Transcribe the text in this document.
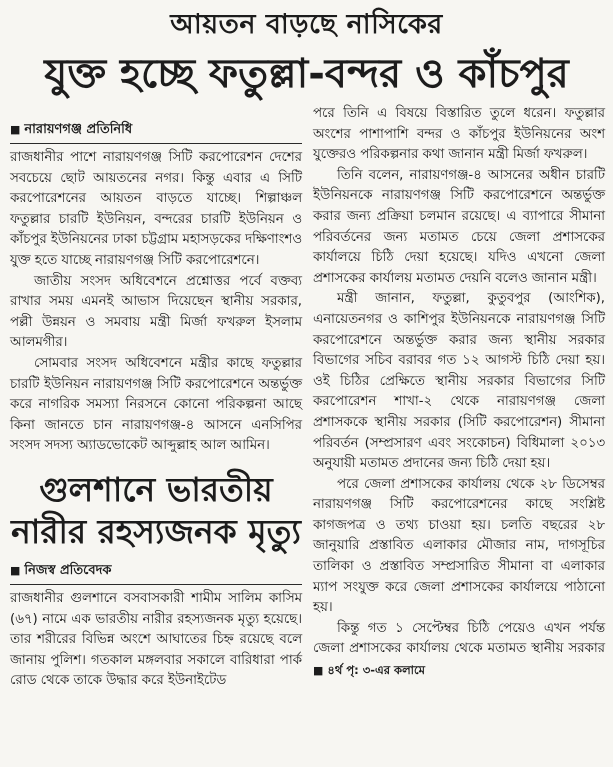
আয়তন বাড়ছে নাসিকের
যুক্ত হচ্ছে ফতুল্লা-বন্দর ও কাঁচপুর
■ নারায়ণগঞ্জ প্রতিনিধি

রাজধানীর পাশে নারায়ণগঞ্জ সিটি করপোরেশন দেশের সবচেয়ে ছোট আয়তনের নগর। কিন্তু এবার এ সিটি করপোরেশনের আয়তন বাড়তে যাচ্ছে। শিল্পাঞ্চল ফতুল্লার চারটি ইউনিয়ন, বন্দরের চারটি ইউনিয়ন ও কাঁচপুর ইউনিয়নের ঢাকা চট্টগ্রাম মহাসড়কের দক্ষিণাংশও যুক্ত হতে যাচ্ছে নারায়ণগঞ্জ সিটি করপোরেশনে।

জাতীয় সংসদ অধিবেশনে প্রশ্নোত্তর পর্বে বক্তব্য রাখার সময় এমনই আভাস দিয়েছেন স্থানীয় সরকার, পল্লী উন্নয়ন ও সমবায় মন্ত্রী মির্জা ফখরুল ইসলাম আলমগীর।

সোমবার সংসদ অধিবেশনে মন্ত্রীর কাছে ফতুল্লার চারটি ইউনিয়ন নারায়ণগঞ্জ সিটি করপোরেশনে অন্তর্ভুক্ত করে নাগরিক সমস্যা নিরসনে কোনো পরিকল্পনা আছে কিনা জানতে চান নারায়ণগঞ্জ-৪ আসনে এনসিপির সংসদ সদস্য অ্যাডভোকেট আব্দুল্লাহ আল আমিন।

গুলশানে ভারতীয় নারীর রহস্যজনক মৃত্যু
■ নিজস্ব প্রতিবেদক

রাজধানীর গুলশানে বসবাসকারী শামীম সালিম কাসিম (৬৭) নামে এক ভারতীয় নারীর রহস্যজনক মৃত্যু হয়েছে। তার শরীরের বিভিন্ন অংশে আঘাতের চিহ্ন রয়েছে বলে জানায় পুলিশ। গতকাল মঙ্গলবার সকালে বারিধারা পার্ক রোড থেকে তাকে উদ্ধার করে ইউনাইটেড

পরে তিনি এ বিষয়ে বিস্তারিত তুলে ধরেন। ফতুল্লার অংশের পাশাপাশি বন্দর ও কাঁচপুর ইউনিয়নের অংশ যুক্তেরও পরিকল্পনার কথা জানান মন্ত্রী মির্জা ফখরুল।

তিনি বলেন, নারায়ণগঞ্জ-৪ আসনের অধীন চারটি ইউনিয়নকে নারায়ণগঞ্জ সিটি করপোরেশনে অন্তর্ভুক্ত করার জন্য প্রক্রিয়া চলমান রয়েছে। এ ব্যাপারে সীমানা পরিবর্তনের জন্য মতামত চেয়ে জেলা প্রশাসকের কার্যালয়ে চিঠি দেয়া হয়েছে। যদিও এখনো জেলা প্রশাসকের কার্যালয় মতামত দেয়নি বলেও জানান মন্ত্রী।

মন্ত্রী জানান, ফতুল্লা, কুতুবপুর (আংশিক), এনায়েতনগর ও কাশিপুর ইউনিয়নকে নারায়ণগঞ্জ সিটি করপোরেশনে অন্তর্ভুক্ত করার জন্য স্থানীয় সরকার বিভাগের সচিব বরাবর গত ১২ আগস্ট চিঠি দেয়া হয়। ওই চিঠির প্রেক্ষিতে স্থানীয় সরকার বিভাগের সিটি করপোরেশন শাখা-২ থেকে নারায়ণগঞ্জ জেলা প্রশাসককে স্থানীয় সরকার (সিটি করপোরেশন) সীমানা পরিবর্তন (সম্প্রসারণ এবং সংকোচন) বিধিমালা ২০১৩ অনুযায়ী মতামত প্রদানের জন্য চিঠি দেয়া হয়।

পরে জেলা প্রশাসকের কার্যালয় থেকে ২৮ ডিসেম্বর নারায়ণগঞ্জ সিটি করপোরেশনের কাছে সংশ্লিষ্ট কাগজপত্র ও তথ্য চাওয়া হয়। চলতি বছরের ২৮ জানুয়ারি প্রস্তাবিত এলাকার মৌজার নাম, দাগসূচির তালিকা ও প্রস্তাবিত সম্প্রসারিত সীমানা বা এলাকার ম্যাপ সংযুক্ত করে জেলা প্রশাসকের কার্যালয়ে পাঠানো হয়।

কিন্তু গত ১ সেপ্টেম্বর চিঠি পেয়েও এখন পর্যন্ত জেলা প্রশাসকের কার্যালয় থেকে মতামত স্থানীয় সরকার ■ ৪র্থ পৃ: ৩-এর কলামে
